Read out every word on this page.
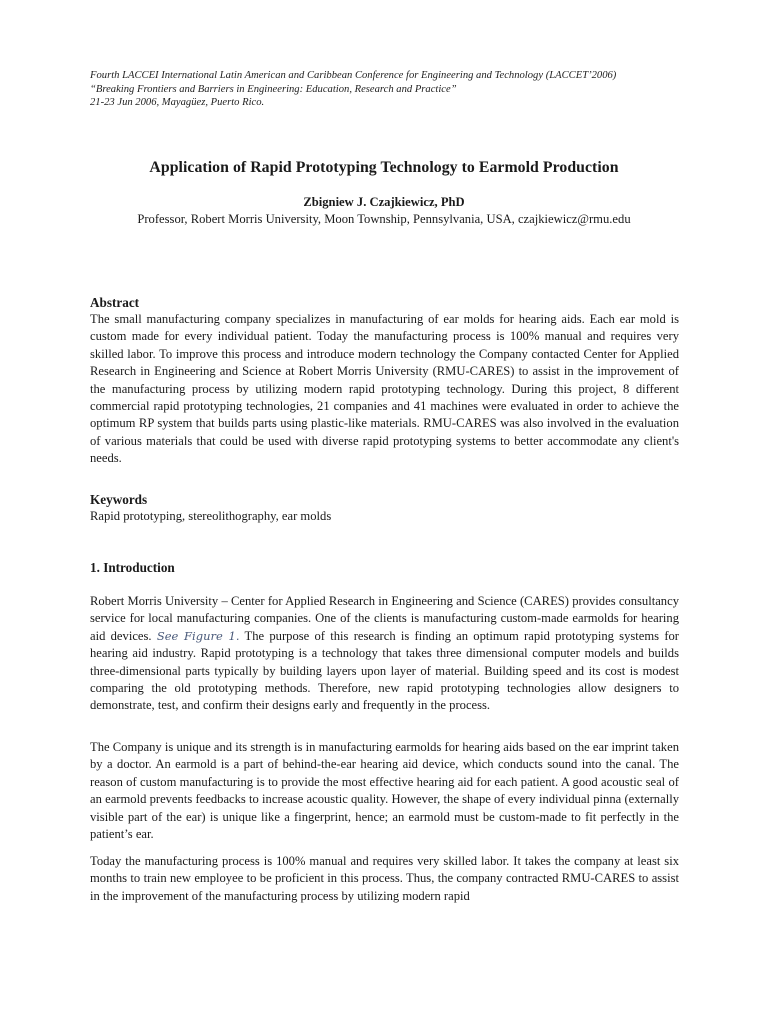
Fourth LACCEI International Latin American and Caribbean Conference for Engineering and Technology (LACCET’2006)
“Breaking Frontiers and Barriers in Engineering: Education, Research and Practice”
21-23 Jun 2006, Mayagüez, Puerto Rico.
Application of Rapid Prototyping Technology to Earmold Production
Zbigniew J. Czajkiewicz, PhD
Professor, Robert Morris University, Moon Township, Pennsylvania, USA, czajkiewicz@rmu.edu
Abstract

The small manufacturing company specializes in manufacturing of ear molds for hearing aids. Each ear mold is custom made for every individual patient. Today the manufacturing process is 100% manual and requires very skilled labor. To improve this process and introduce modern technology the Company contacted Center for Applied Research in Engineering and Science at Robert Morris University (RMU-CARES) to assist in the improvement of the manufacturing process by utilizing modern rapid prototyping technology. During this project, 8 different commercial rapid prototyping technologies, 21 companies and 41 machines were evaluated in order to achieve the optimum RP system that builds parts using plastic-like materials. RMU-CARES was also involved in the evaluation of various materials that could be used with diverse rapid prototyping systems to better accommodate any client's needs.

Keywords

Rapid prototyping, stereolithography, ear molds

1. Introduction

Robert Morris University – Center for Applied Research in Engineering and Science (CARES) provides consultancy service for local manufacturing companies. One of the clients is manufacturing custom-made earmolds for hearing aid devices. See Figure 1. The purpose of this research is finding an optimum rapid prototyping systems for hearing aid industry. Rapid prototyping is a technology that takes three dimensional computer models and builds three-dimensional parts typically by building layers upon layer of material. Building speed and its cost is modest comparing the old prototyping methods. Therefore, new rapid prototyping technologies allow designers to demonstrate, test, and confirm their designs early and frequently in the process.

The Company is unique and its strength is in manufacturing earmolds for hearing aids based on the ear imprint taken by a doctor. An earmold is a part of behind-the-ear hearing aid device, which conducts sound into the canal. The reason of custom manufacturing is to provide the most effective hearing aid for each patient. A good acoustic seal of an earmold prevents feedbacks to increase acoustic quality. However, the shape of every individual pinna (externally visible part of the ear) is unique like a fingerprint, hence; an earmold must be custom-made to fit perfectly in the patient’s ear.

Today the manufacturing process is 100% manual and requires very skilled labor. It takes the company at least six months to train new employee to be proficient in this process. Thus, the company contracted RMU-CARES to assist in the improvement of the manufacturing process by utilizing modern rapid
